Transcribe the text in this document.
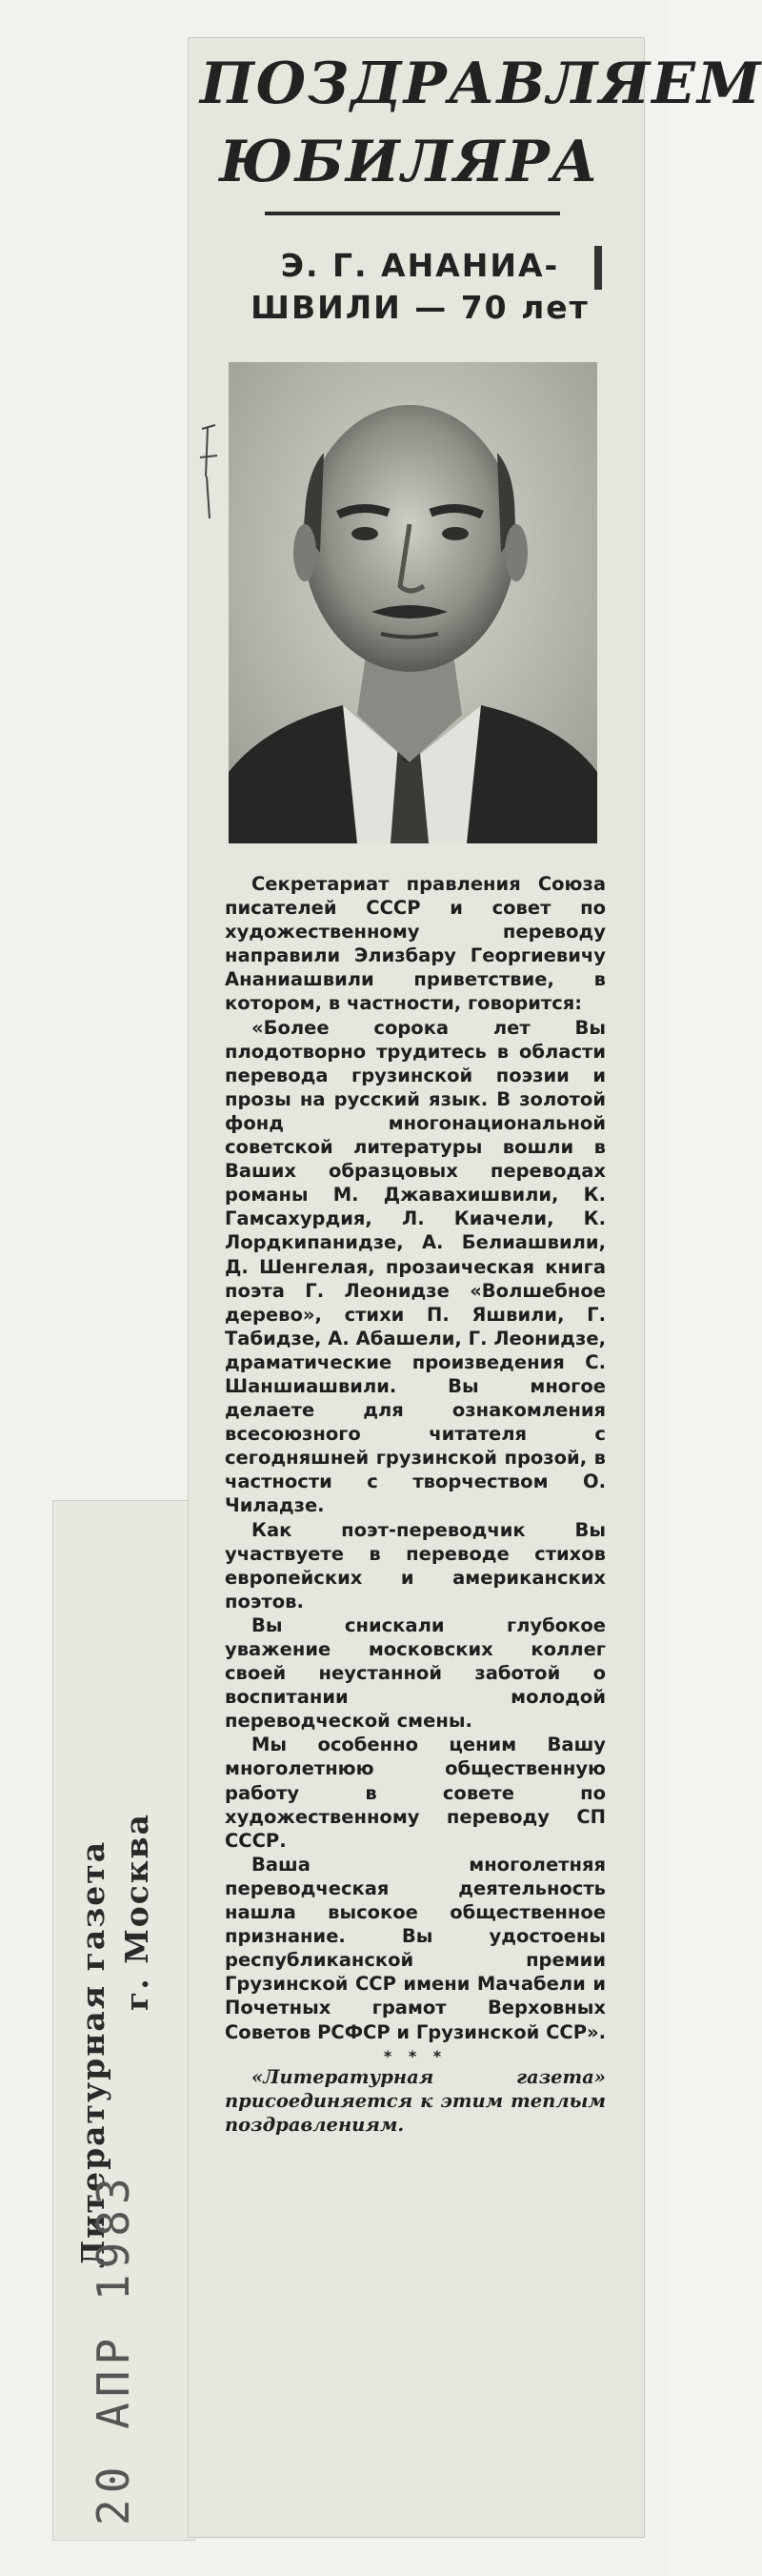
ПОЗДРАВЛЯЕМ
ЮБИЛЯРА
Э. Г. АНАНИА-
ШВИЛИ — 70 лет

Секретариат правления Союза писателей СССР и совет по художественному переводу направили Элизбару Георгиевичу Ананиашвили приветствие, в котором, в частности, говорится:

«Более сорока лет Вы плодотворно трудитесь в области перевода грузинской поэзии и прозы на русский язык. В золотой фонд многонациональной советской литературы вошли в Ваших образцовых переводах романы М. Джавахишвили, К. Гамсахурдия, Л. Киачели, К. Лордкипанидзе, А. Белиашвили, Д. Шенгелая, прозаическая книга поэта Г. Леонидзе «Волшебное дерево», стихи П. Яшвили, Г. Табидзе, А. Абашели, Г. Леонидзе, драматические произведения С. Шаншиашвили. Вы многое делаете для ознакомления всесоюзного читателя с сегодняшней грузинской прозой, в частности с творчеством О. Чиладзе.

Как поэт-переводчик Вы участвуете в переводе стихов европейских и американских поэтов.

Вы снискали глубокое уважение московских коллег своей неустанной заботой о воспитании молодой переводческой смены.

Мы особенно ценим Вашу многолетнюю общественную работу в совете по художественному переводу СП СССР.

Ваша многолетняя переводческая деятельность нашла высокое общественное признание. Вы удостоены республиканской премии Грузинской ССР имени Мачабели и Почетных грамот Верховных Советов РСФСР и Грузинской ССР».

* * *

«Литературная газета» присоединяется к этим теплым поздравлениям.

Литературная газета г. Москва
20 АПР 1983
